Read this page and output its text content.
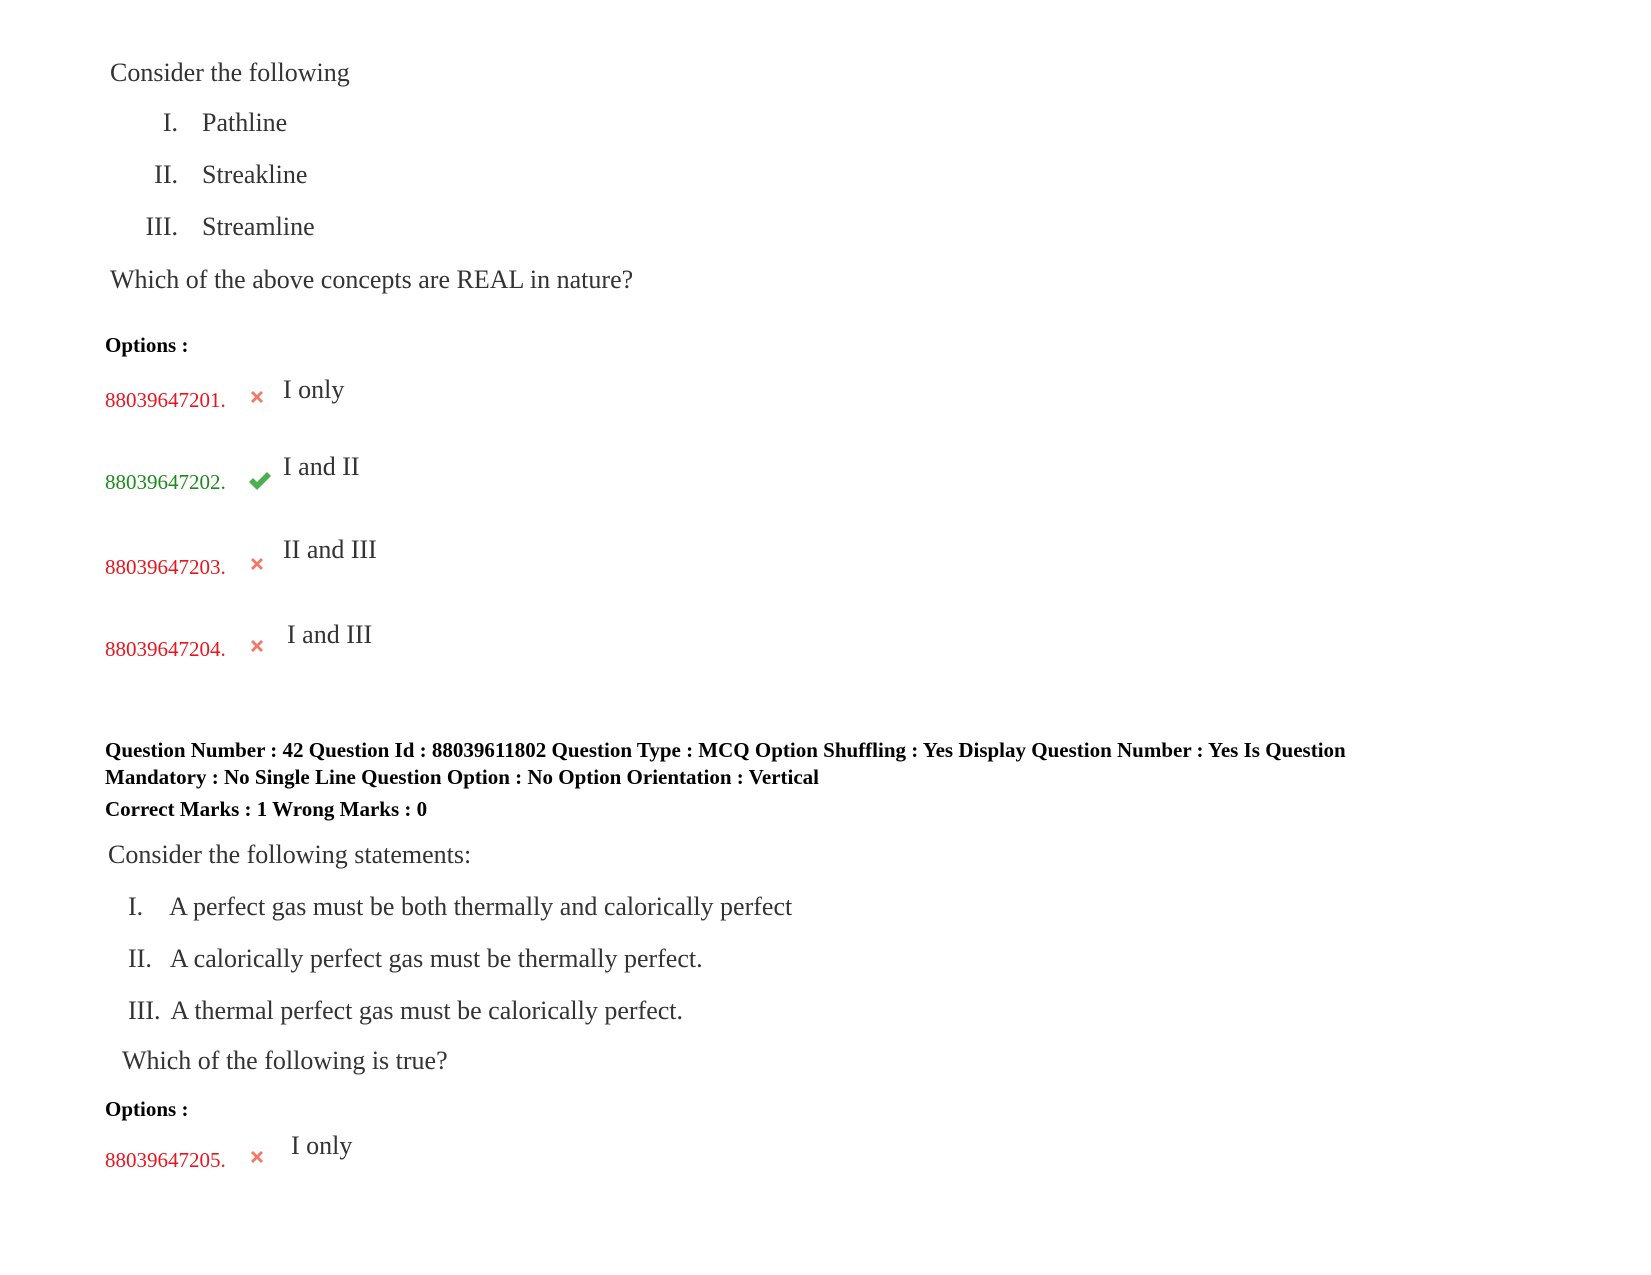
Consider the following
I. Pathline
II. Streakline
III. Streamline
Which of the above concepts are REAL in nature?
Options :
88039647201. I only
88039647202.
I and II
88039647203.
II and III
88039647204. I and III
Question Number : 42 Question Id : 88039611802 Question Type : MCQ Option Shuffling : Yes Display Question Number : Yes Is Question
Mandatory : No Single Line Question Option : No Option Orientation : Vertical
Correct Marks : 1 Wrong Marks : 0
Consider the following statements:
I. A perfect gas must be both thermally and calorically perfect
II. A calorically perfect gas must be thermally perfect.
III. A thermal perfect gas must be calorically perfect.
Which of the following is true?
Options :
88039647205.	I only
